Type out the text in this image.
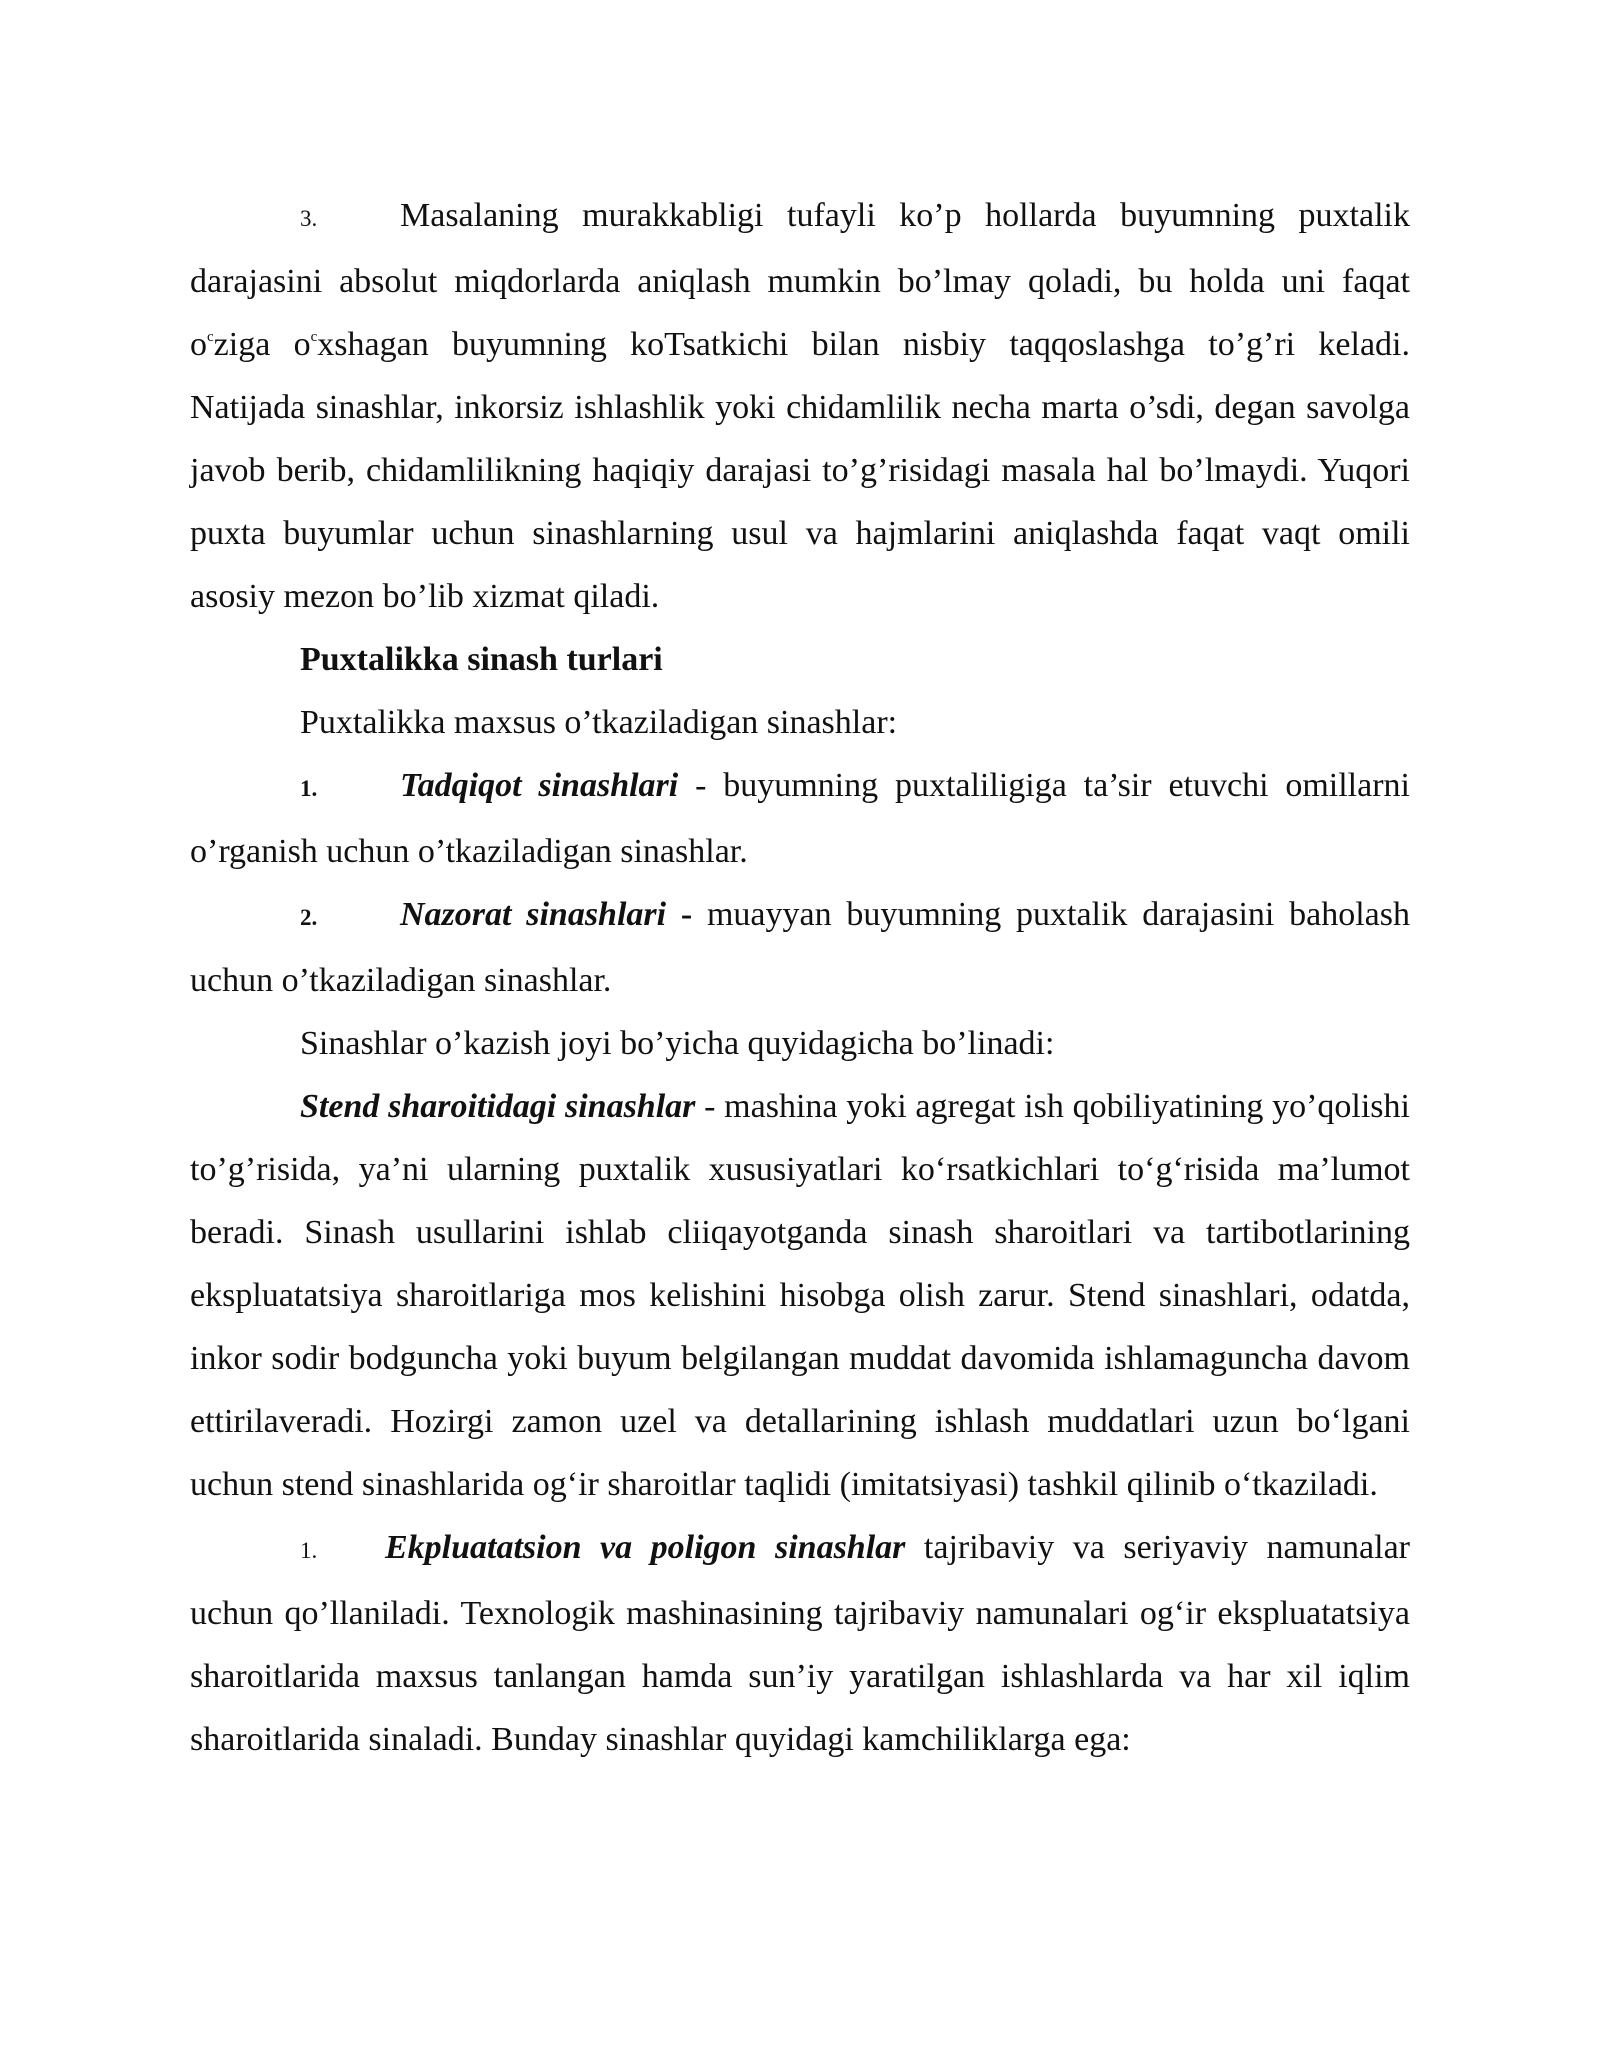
3. Masalaning murakkabligi tufayli ko’p hollarda buyumning puxtalik darajasini absolut miqdorlarda aniqlash mumkin bo’lmay qoladi, bu holda uni faqat $o^cziga$ $o^cxshagan$ buyumning koTsatkichi bilan nisbiy taqqoslashga to’g’ri keladi. Natijada sinashlar, inkorsiz ishlashlik yoki chidamlilik necha marta o’sdi, degan savolga javob berib, chidamlilikning haqiqiy darajasi to’g’risidagi masala hal bo’lmaydi. Yuqori puxta buyumlar uchun sinashlarning usul va hajmlarini aniqlashda faqat vaqt omili asosiy mezon bo’lib xizmat qiladi.

Puxtalikka sinash turlari

Puxtalikka maxsus o’tkaziladigan sinashlar:

1. Tadqiqot sinashlari - buyumning puxtaliligiga ta’sir etuvchi omillarni o’rganish uchun o’tkaziladigan sinashlar.

2. Nazorat sinashlari - muayyan buyumning puxtalik darajasini baholash uchun o’tkaziladigan sinashlar.

Sinashlar o’kazish joyi bo’yicha quyidagicha bo’linadi:

Stend sharoitidagi sinashlar - mashina yoki agregat ish qobiliyatining yo’qolishi to’g’risida, ya’ni ularning puxtalik xususiyatlari ko‘rsatkichlari to‘g‘risida ma’lumot beradi. Sinash usullarini ishlab cliiqayotganda sinash sharoitlari va tartibotlarining ekspluatatsiya sharoitlariga mos kelishini hisobga olish zarur. Stend sinashlari, odatda, inkor sodir bodguncha yoki buyum belgilangan muddat davomida ishlamaguncha davom ettirilaveradi. Hozirgi zamon uzel va detallarining ishlash muddatlari uzun bo‘lgani uchun stend sinashlarida og‘ir sharoitlar taqlidi (imitatsiyasi) tashkil qilinib o‘tkaziladi.

1. Ekpluatatsion va poligon sinashlar tajribaviy va seriyaviy namunalar uchun qo’llaniladi. Texnologik mashinasining tajribaviy namunalari og‘ir ekspluatatsiya sharoitlarida maxsus tanlangan hamda sun’iy yaratilgan ishlashlarda va har xil iqlim sharoitlarida sinaladi. Bunday sinashlar quyidagi kamchiliklarga ega:
